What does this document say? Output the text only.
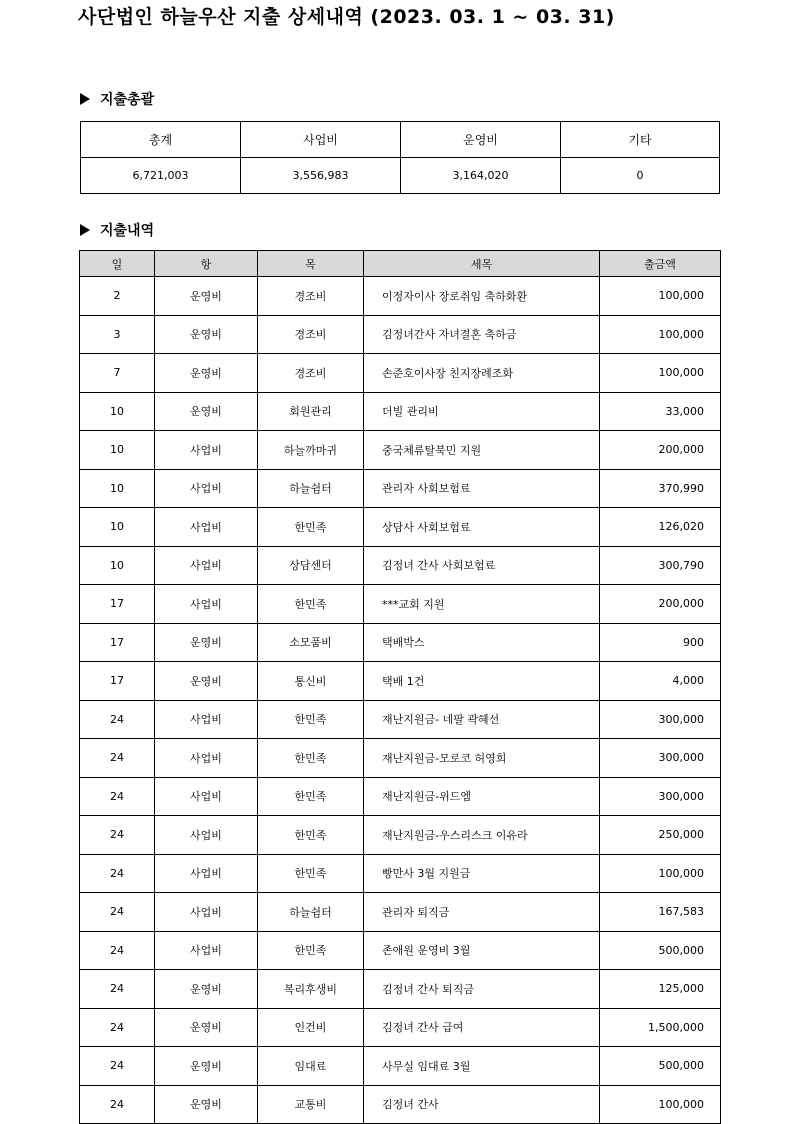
사단법인 하늘우산 지출 상세내역 (2023. 03. 1 ~ 03. 31)
지출총괄
총계	사업비	운영비	기타
6,721,003	3,556,983	3,164,020	0
지출내역
일	항	목	세목	출금액
2	운영비	경조비	이정자이사 장로취임 축하화환	100,000
3	운영비	경조비	김정녀간사 자녀결혼 축하금	100,000
7	운영비	경조비	손준호이사장 친지장례조화	100,000
10	운영비	회원관리	더빌 관리비	33,000
10	사업비	하늘까마귀	중국체류탈북민 지원	200,000
10	사업비	하늘쉼터	관리자 사회보험료	370,990
10	사업비	한민족	상담사 사회보험료	126,020
10	사업비	상담센터	김정녀 간사 사회보험료	300,790
17	사업비	한민족	***교회 지원	200,000
17	운영비	소모품비	택배박스	900
17	운영비	통신비	택배 1건	4,000
24	사업비	한민족	재난지원금- 네팔 곽혜선	300,000
24	사업비	한민족	재난지원금-모로코 허영희	300,000
24	사업비	한민족	재난지원금-위드엠	300,000
24	사업비	한민족	재난지원금-우스리스크 이유라	250,000
24	사업비	한민족	빵만사 3월 지원금	100,000
24	사업비	하늘쉼터	관리자 퇴직금	167,583
24	사업비	한민족	존애원 운영비 3월	500,000
24	운영비	복리후생비	김정녀 간사 퇴직금	125,000
24	운영비	인건비	김정녀 간사 급여	1,500,000
24	운영비	임대료	사무실 임대료 3월	500,000
24	운영비	교통비	김정녀 간사	100,000
